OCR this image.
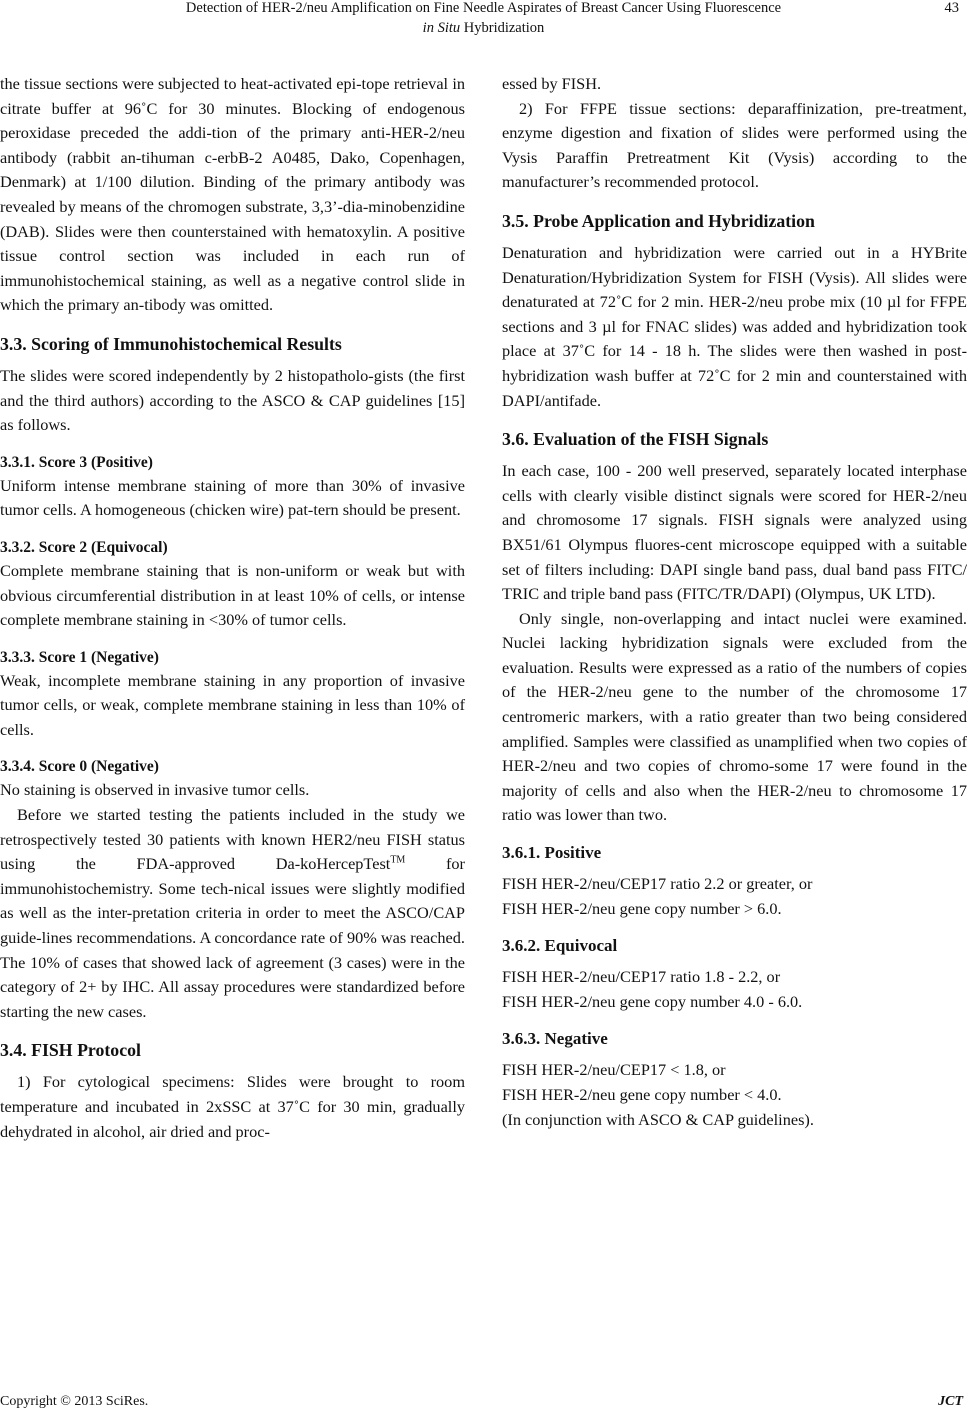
Detection of HER-2/neu Amplification on Fine Needle Aspirates of Breast Cancer Using Fluorescence
in Situ Hybridization
43

the tissue sections were subjected to heat-activated epi-tope retrieval in citrate buffer at 96˚C for 30 minutes. Blocking of endogenous peroxidase preceded the addi-tion of the primary anti-HER-2/neu antibody (rabbit an-tihuman c-erbB-2 A0485, Dako, Copenhagen, Denmark) at 1/100 dilution. Binding of the primary antibody was revealed by means of the chromogen substrate, 3,3’-dia-minobenzidine (DAB). Slides were then counterstained with hematoxylin. A positive tissue control section was included in each run of immunohistochemical staining, as well as a negative control slide in which the primary an-tibody was omitted.

3.3. Scoring of Immunohistochemical Results

The slides were scored independently by 2 histopatholo-gists (the first and the third authors) according to the ASCO & CAP guidelines [15] as follows.

3.3.1. Score 3 (Positive)

Uniform intense membrane staining of more than 30% of invasive tumor cells. A homogeneous (chicken wire) pat-tern should be present.

3.3.2. Score 2 (Equivocal)

Complete membrane staining that is non-uniform or weak but with obvious circumferential distribution in at least 10% of cells, or intense complete membrane staining in <30% of tumor cells.

3.3.3. Score 1 (Negative)

Weak, incomplete membrane staining in any proportion of invasive tumor cells, or weak, complete membrane staining in less than 10% of cells.

3.3.4. Score 0 (Negative)

No staining is observed in invasive tumor cells.

Before we started testing the patients included in the study we retrospectively tested 30 patients with known HER2/neu FISH status using the FDA-approved Da-koHercepTest™ for immunohistochemistry. Some tech-nical issues were slightly modified as well as the inter-pretation criteria in order to meet the ASCO/CAP guide-lines recommendations. A concordance rate of 90% was reached. The 10% of cases that showed lack of agreement (3 cases) were in the category of 2+ by IHC. All assay procedures were standardized before starting the new cases.

3.4. FISH Protocol

1) For cytological specimens: Slides were brought to room temperature and incubated in 2xSSC at 37˚C for 30 min, gradually dehydrated in alcohol, air dried and proc-

essed by FISH.

2) For FFPE tissue sections: deparaffinization, pre-treatment, enzyme digestion and fixation of slides were performed using the Vysis Paraffin Pretreatment Kit (Vysis) according to the manufacturer’s recommended protocol.

3.5. Probe Application and Hybridization

Denaturation and hybridization were carried out in a HYBrite Denaturation/Hybridization System for FISH (Vysis). All slides were denaturated at 72˚C for 2 min. HER-2/neu probe mix (10 µl for FFPE sections and 3 µl for FNAC slides) was added and hybridization took place at 37˚C for 14 - 18 h. The slides were then washed in post-hybridization wash buffer at 72˚C for 2 min and counterstained with DAPI/antifade.

3.6. Evaluation of the FISH Signals

In each case, 100 - 200 well preserved, separately located interphase cells with clearly visible distinct signals were scored for HER-2/neu and chromosome 17 signals. FISH signals were analyzed using BX51/61 Olympus fluores-cent microscope equipped with a suitable set of filters including: DAPI single band pass, dual band pass FITC/ TRIC and triple band pass (FITC/TR/DAPI) (Olympus, UK LTD).

Only single, non-overlapping and intact nuclei were examined. Nuclei lacking hybridization signals were excluded from the evaluation. Results were expressed as a ratio of the numbers of copies of the HER-2/neu gene to the number of the chromosome 17 centromeric markers, with a ratio greater than two being considered amplified. Samples were classified as unamplified when two copies of HER-2/neu and two copies of chromo-some 17 were found in the majority of cells and also when the HER-2/neu to chromosome 17 ratio was lower than two.

3.6.1. Positive

FISH HER-2/neu/CEP17 ratio 2.2 or greater, or

FISH HER-2/neu gene copy number > 6.0.

3.6.2. Equivocal

FISH HER-2/neu/CEP17 ratio 1.8 - 2.2, or

FISH HER-2/neu gene copy number 4.0 - 6.0.

3.6.3. Negative

FISH HER-2/neu/CEP17 < 1.8, or

FISH HER-2/neu gene copy number < 4.0.

(In conjunction with ASCO & CAP guidelines).

Copyright © 2013 SciRes.	JCT
